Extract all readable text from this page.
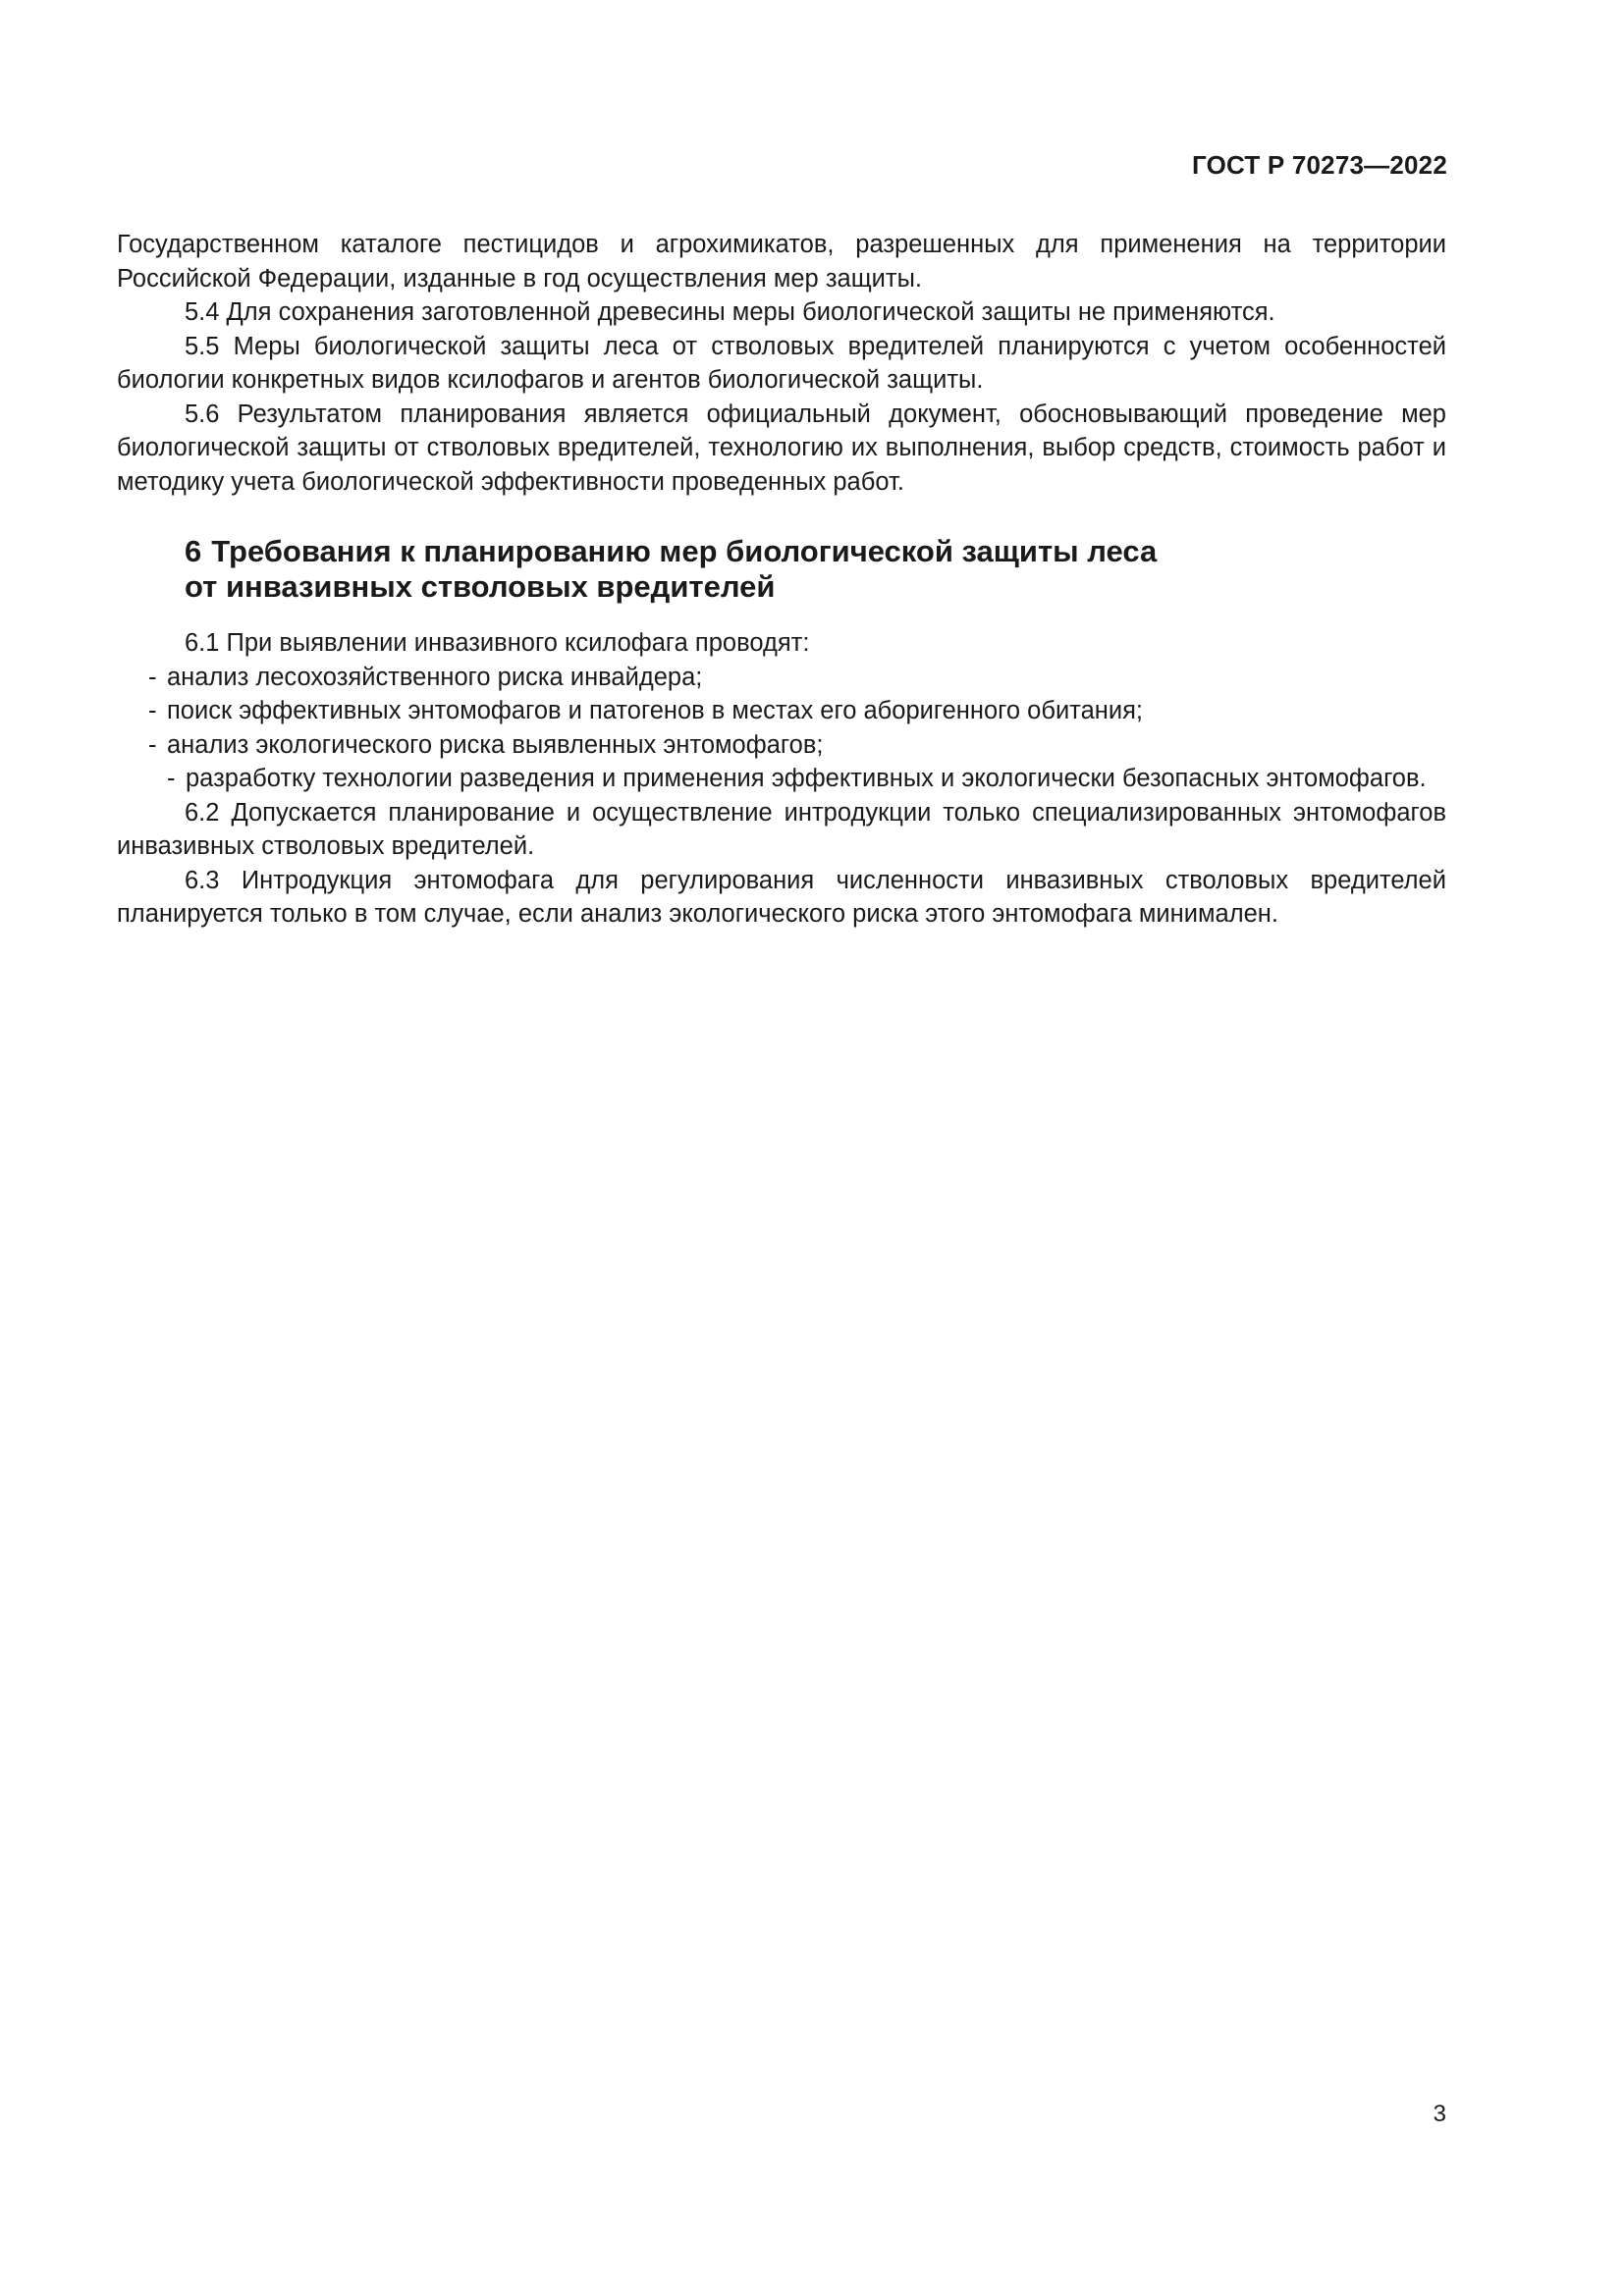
ГОСТ Р 70273—2022

Государственном каталоге пестицидов и агрохимикатов, разрешенных для применения на территории Российской Федерации, изданные в год осуществления мер защиты.

5.4 Для сохранения заготовленной древесины меры биологической защиты не применяются.

5.5 Меры биологической защиты леса от стволовых вредителей планируются с учетом особенностей биологии конкретных видов ксилофагов и агентов биологической защиты.

5.6 Результатом планирования является официальный документ, обосновывающий проведение мер биологической защиты от стволовых вредителей, технологию их выполнения, выбор средств, стоимость работ и методику учета биологической эффективности проведенных работ.

6 Требования к планированию мер биологической защиты леса
от инвазивных стволовых вредителей

6.1 При выявлении инвазивного ксилофага проводят:

- анализ лесохозяйственного риска инвайдера;

- поиск эффективных энтомофагов и патогенов в местах его аборигенного обитания;

- анализ экологического риска выявленных энтомофагов;

- разработку технологии разведения и применения эффективных и экологически безопасных энтомофагов.

6.2 Допускается планирование и осуществление интродукции только специализированных энтомофагов инвазивных стволовых вредителей.

6.3 Интродукция энтомофага для регулирования численности инвазивных стволовых вредителей планируется только в том случае, если анализ экологического риска этого энтомофага минимален.

3
